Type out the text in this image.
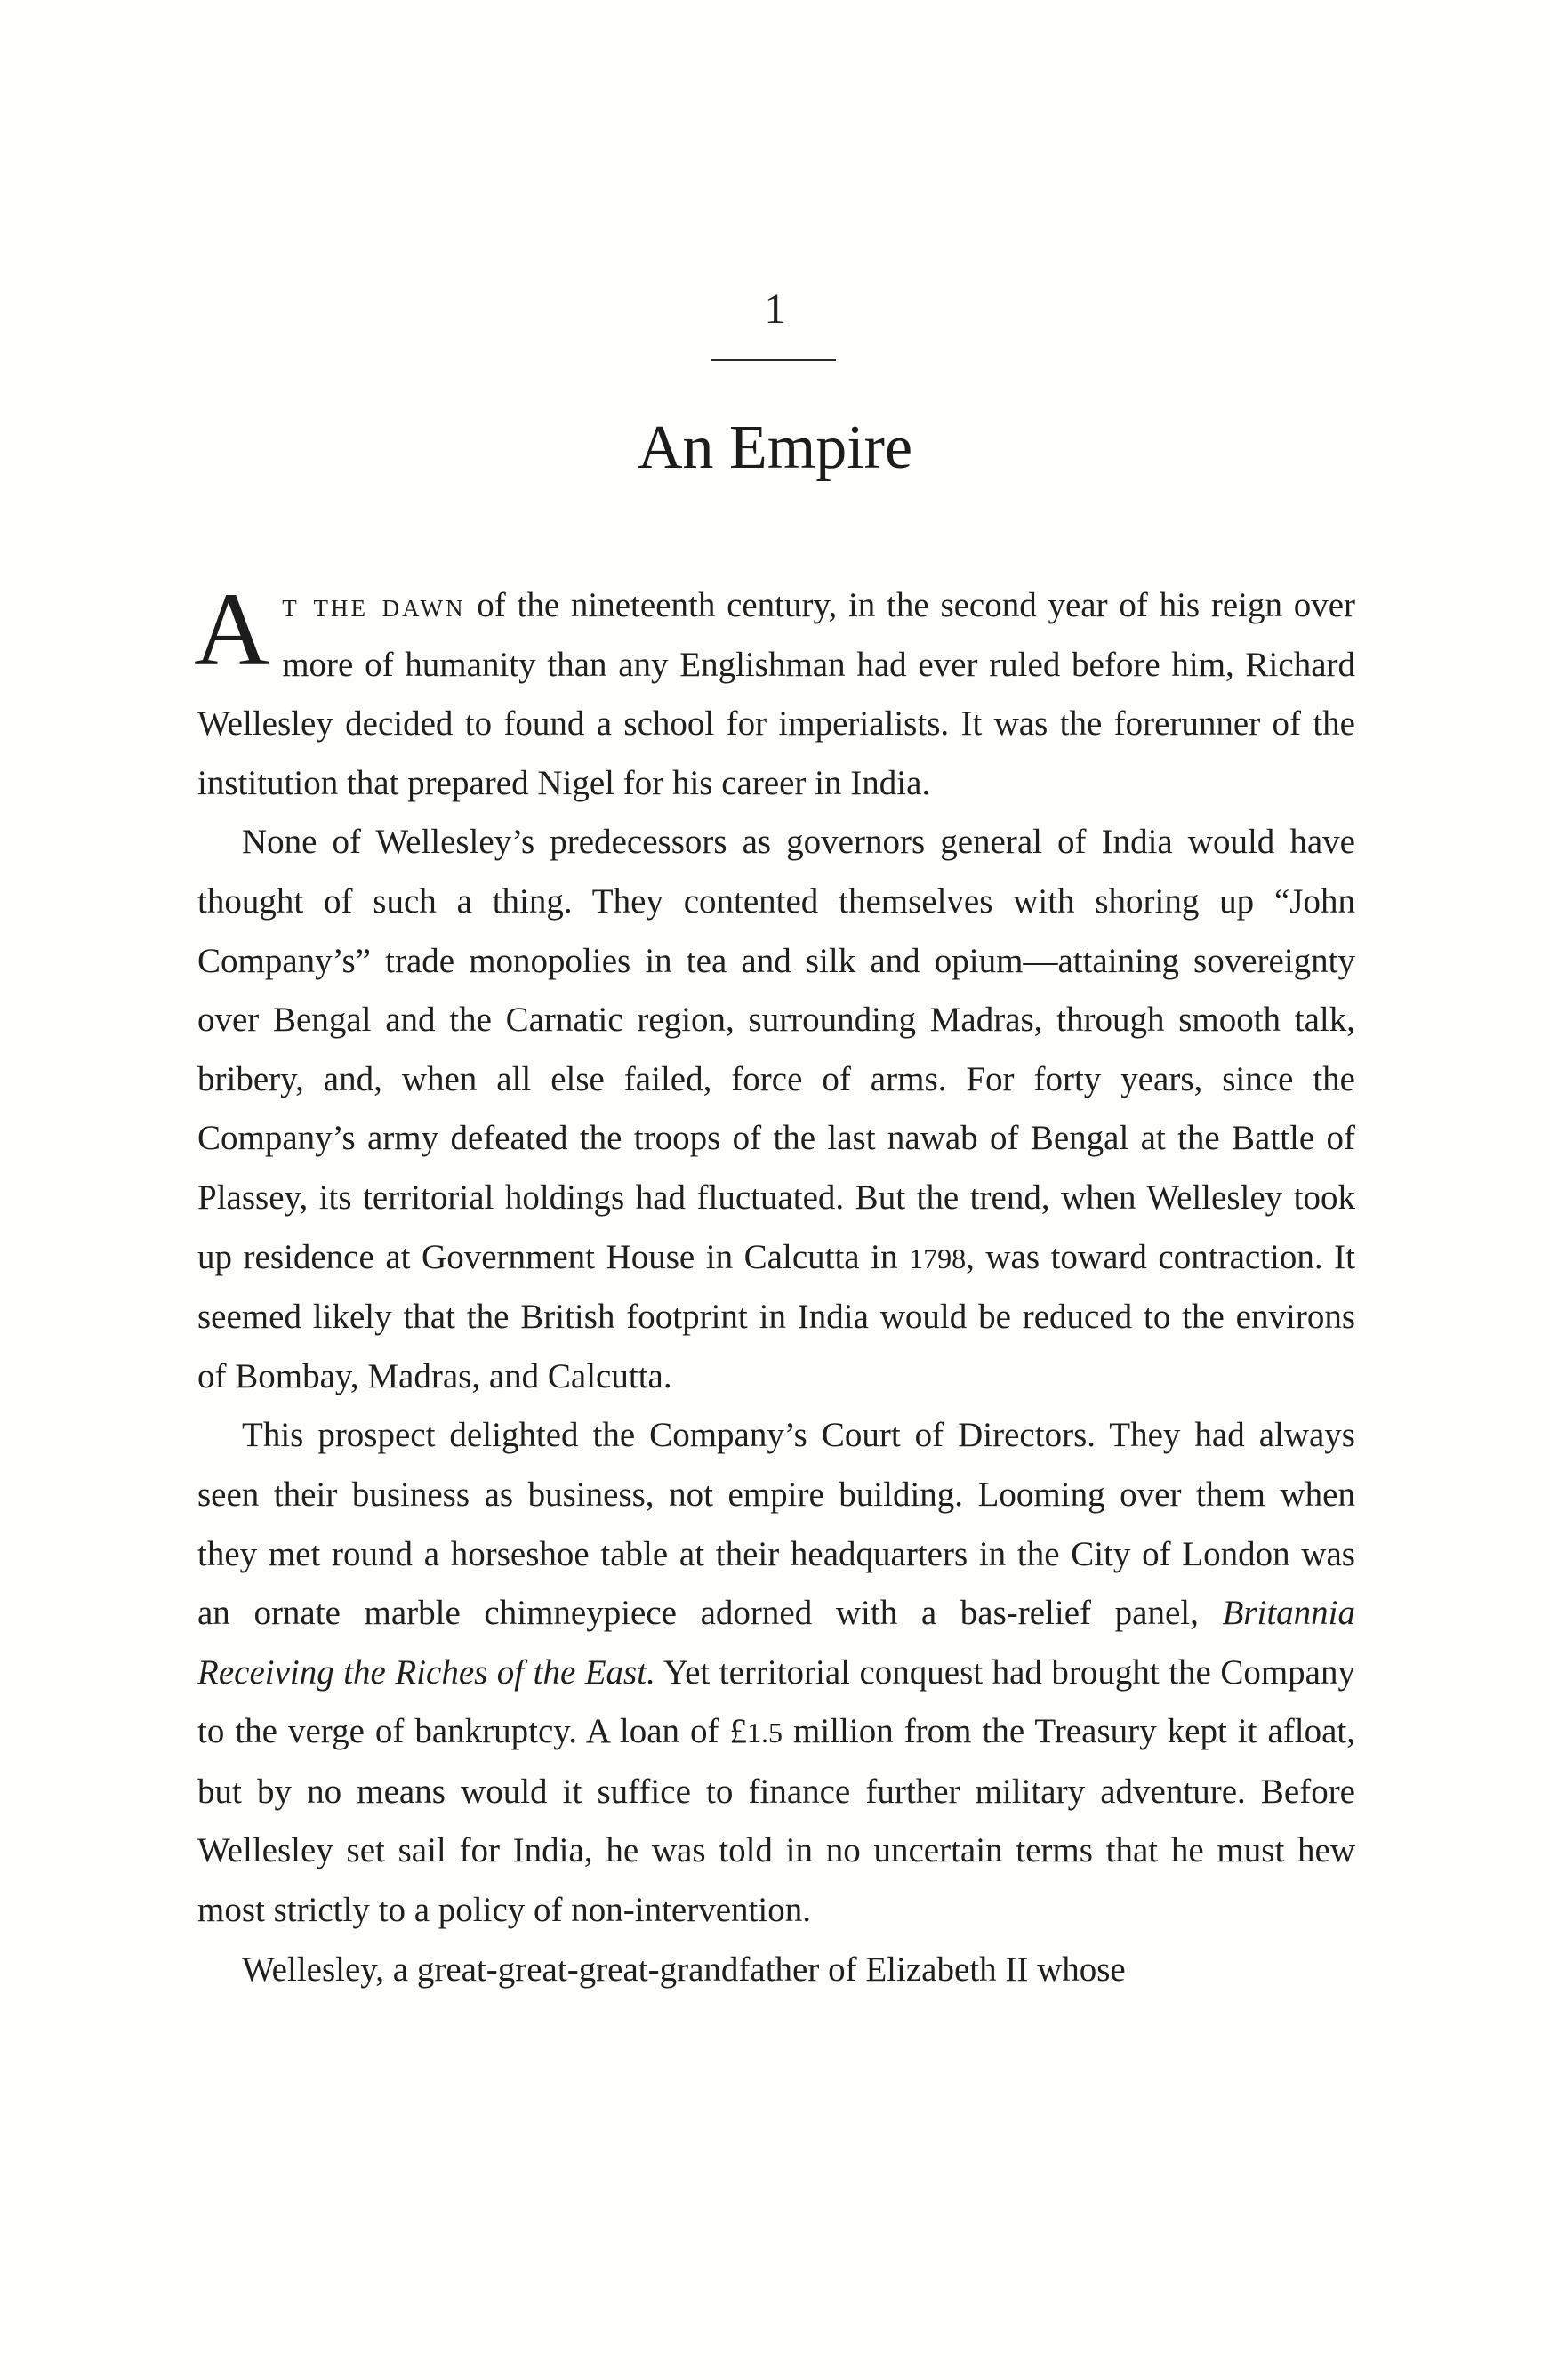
1
An Empire

At the dawn of the nineteenth century, in the second year of his reign over more of humanity than any Englishman had ever ruled before him, Richard Wellesley decided to found a school for imperialists. It was the forerunner of the institution that prepared Nigel for his career in India.

None of Wellesley’s predecessors as governors general of India would have thought of such a thing. They contented themselves with shoring up “John Company’s” trade monopolies in tea and silk and opium—attaining sovereignty over Bengal and the Carnatic region, surrounding Madras, through smooth talk, bribery, and, when all else failed, force of arms. For forty years, since the Company’s army defeated the troops of the last nawab of Bengal at the Battle of Plassey, its territorial holdings had fluctuated. But the trend, when Wellesley took up residence at Government House in Calcutta in 1798, was toward contraction. It seemed likely that the British footprint in India would be reduced to the environs of Bombay, Madras, and Calcutta.

This prospect delighted the Company’s Court of Directors. They had always seen their business as business, not empire building. Looming over them when they met round a horseshoe table at their headquarters in the City of London was an ornate marble chimneypiece adorned with a bas-relief panel, Britannia Receiving the Riches of the East. Yet territorial conquest had brought the Company to the verge of bankruptcy. A loan of £1.5 million from the Treasury kept it afloat, but by no means would it suffice to finance further military adventure. Before Wellesley set sail for India, he was told in no uncertain terms that he must hew most strictly to a policy of non-intervention.

Wellesley, a great-great-great-grandfather of Elizabeth II whose
